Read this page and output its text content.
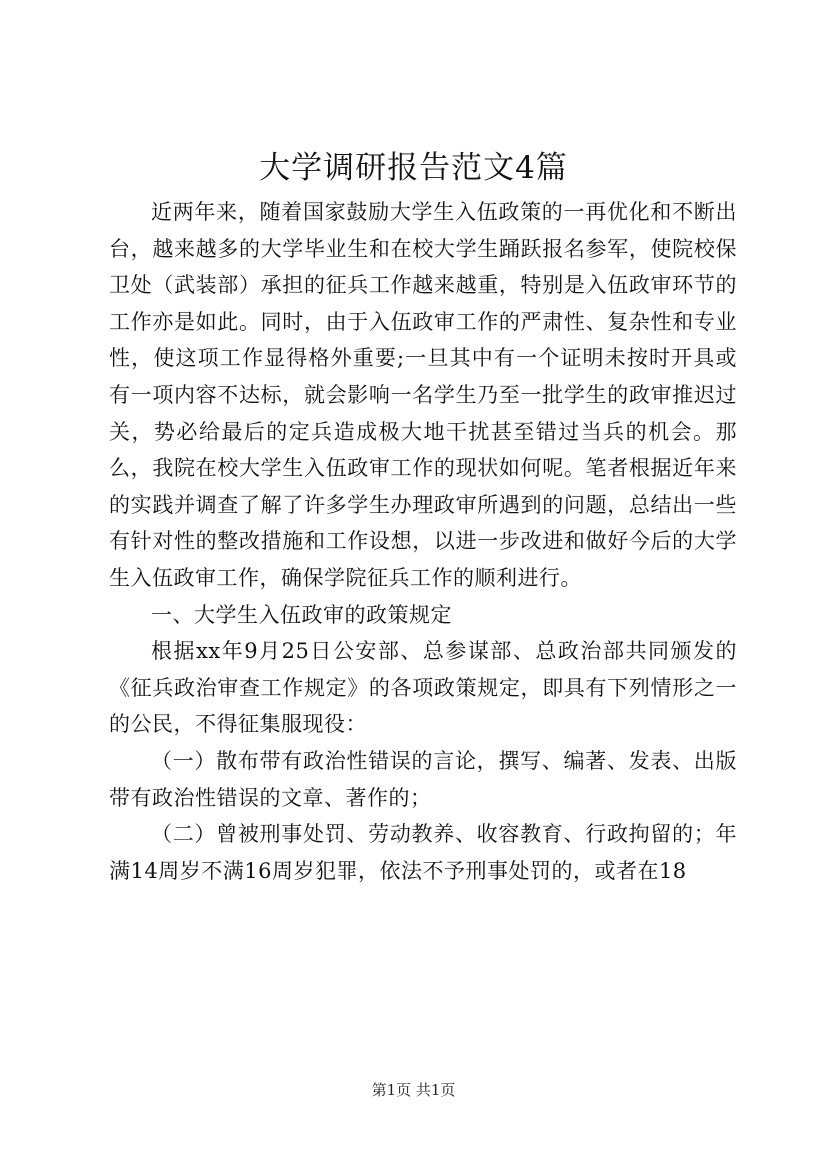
大学调研报告范文4篇

近两年来，随着国家鼓励大学生入伍政策的一再优化和不断出台，越来越多的大学毕业生和在校大学生踊跃报名参军，使院校保卫处（武装部）承担的征兵工作越来越重，特别是入伍政审环节的工作亦是如此。同时，由于入伍政审工作的严肃性、复杂性和专业性，使这项工作显得格外重要;一旦其中有一个证明未按时开具或有一项内容不达标，就会影响一名学生乃至一批学生的政审推迟过关，势必给最后的定兵造成极大地干扰甚至错过当兵的机会。那么，我院在校大学生入伍政审工作的现状如何呢。笔者根据近年来的实践并调查了解了许多学生办理政审所遇到的问题，总结出一些有针对性的整改措施和工作设想，以进一步改进和做好今后的大学生入伍政审工作，确保学院征兵工作的顺利进行。

一、大学生入伍政审的政策规定

根据xx年9月25日公安部、总参谋部、总政治部共同颁发的《征兵政治审查工作规定》的各项政策规定，即具有下列情形之一的公民，不得征集服现役：

（一）散布带有政治性错误的言论，撰写、编著、发表、出版带有政治性错误的文章、著作的；

（二）曾被刑事处罚、劳动教养、收容教育、行政拘留的；年满14周岁不满16周岁犯罪，依法不予刑事处罚的，或者在18

第1页 共1页
